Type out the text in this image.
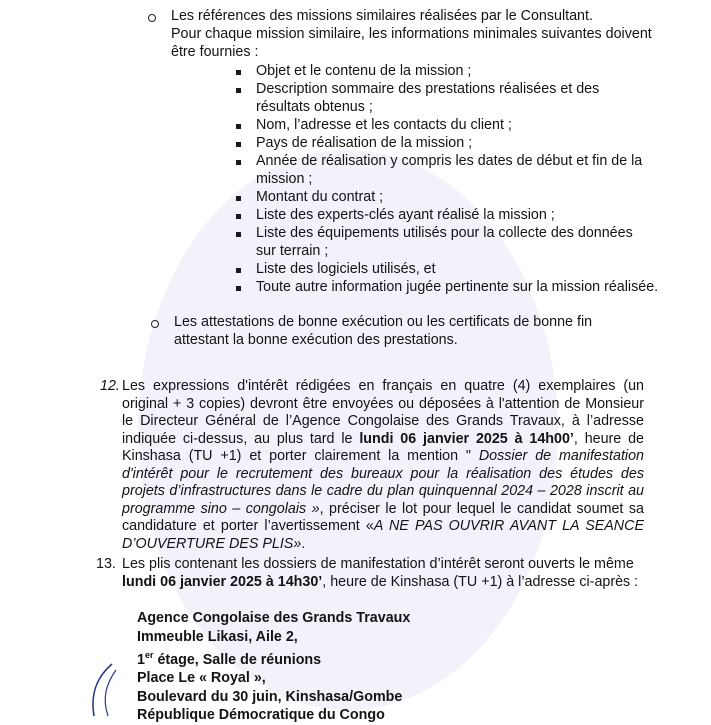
Les références des missions similaires réalisées par le Consultant.
Pour chaque mission similaire, les informations minimales suivantes doivent être fournies :
Objet et le contenu de la mission ;
Description sommaire des prestations réalisées et des résultats obtenus ;
Nom, l’adresse et les contacts du client ;
Pays de réalisation de la mission ;
Année de réalisation y compris les dates de début et fin de la mission ;
Montant du contrat ;
Liste des experts-clés ayant réalisé la mission ;
Liste des équipements utilisés pour la collecte des données sur terrain ;
Liste des logiciels utilisés, et
Toute autre information jugée pertinente sur la mission réalisée.
Les attestations de bonne exécution ou les certificats de bonne fin attestant la bonne exécution des prestations.
12. Les expressions d'intérêt rédigées en français en quatre (4) exemplaires (un original + 3 copies) devront être envoyées ou déposées à l'attention de Monsieur le Directeur Général de l’Agence Congolaise des Grands Travaux, à l’adresse indiquée ci-dessus, au plus tard le lundi 06 janvier 2025 à 14h00’, heure de Kinshasa (TU +1) et porter clairement la mention " Dossier de manifestation d'intérêt pour le recrutement des bureaux pour la réalisation des études des projets d’infrastructures dans le cadre du plan quinquennal 2024 – 2028 inscrit au programme sino – congolais », préciser le lot pour lequel le candidat soumet sa candidature et porter l’avertissement «A NE PAS OUVRIR AVANT LA SEANCE D’OUVERTURE DES PLIS».
13. Les plis contenant les dossiers de manifestation d’intérêt seront ouverts le même lundi 06 janvier 2025 à 14h30’, heure de Kinshasa (TU +1) à l’adresse ci-après :
Agence Congolaise des Grands Travaux
Immeuble Likasi, Aile 2,
1er étage, Salle de réunions
Place Le « Royal »,
Boulevard du 30 juin, Kinshasa/Gombe
République Démocratique du Congo
